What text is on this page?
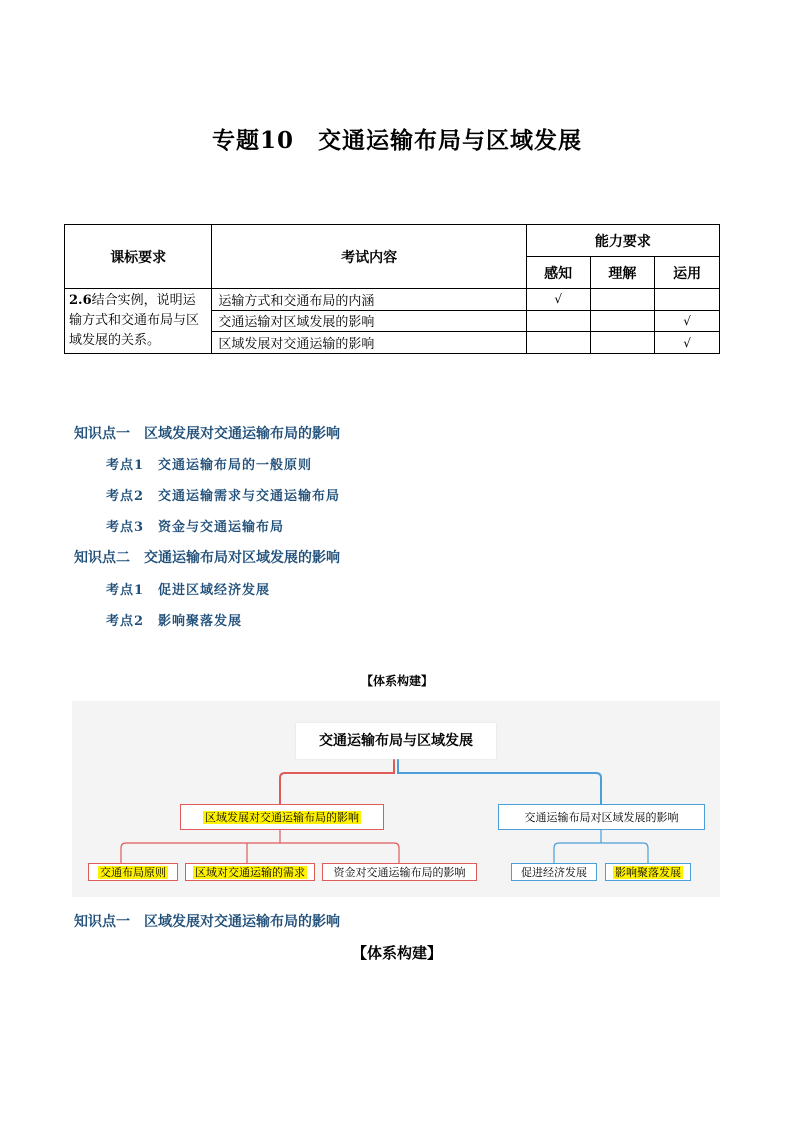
专题10　交通运输布局与区域发展
课标要求	考试内容	能力要求		
		感知	理解	运用
2.6结合实例，说明运输方式和交通布局与区域发展的关系。	运输方式和交通布局的内涵	√		
	交通运输对区域发展的影响			√
	区域发展对交通运输的影响			√
知识点一　区域发展对交通运输布局的影响
考点1　交通运输布局的一般原则
考点2　交通运输需求与交通运输布局
考点3　资金与交通运输布局
知识点二　交通运输布局对区域发展的影响
考点1　促进区域经济发展
考点2　影响聚落发展
【体系构建】
交通运输布局与区域发展
区域发展对交通运输布局的影响	交通运输布局对区域发展的影响
交通布局原则	区域对交通运输的需求	资金对交通运输布局的影响	促进经济发展	影响聚落发展
知识点一　区域发展对交通运输布局的影响
【体系构建】
